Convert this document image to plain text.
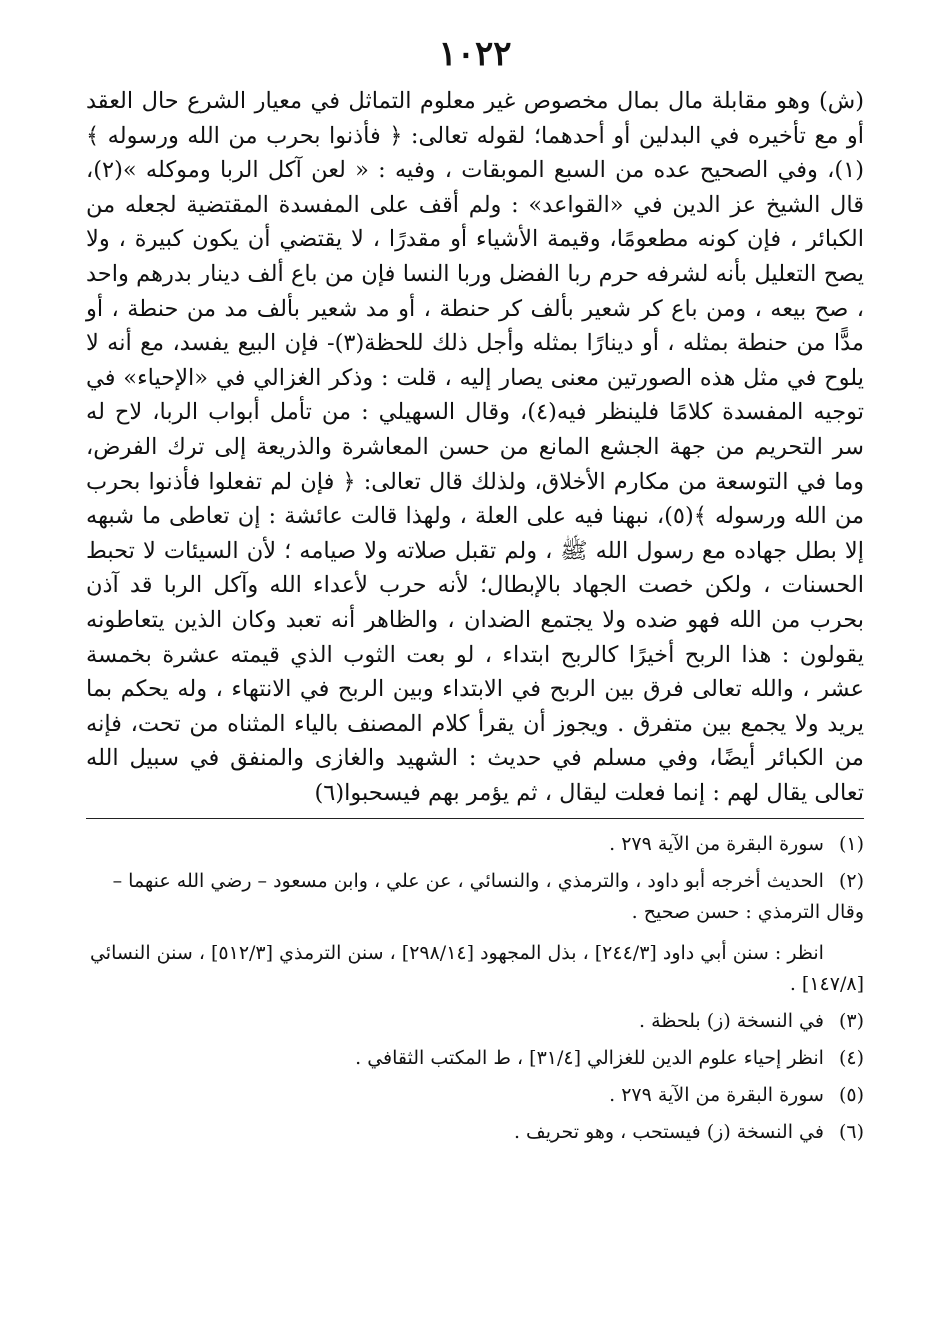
١٠٢٢

(ش) وهو مقابلة مال بمال مخصوص غير معلوم التماثل في معيار الشرع حال العقد أو مع تأخيره في البدلين أو أحدهما؛ لقوله تعالى: ﴿ فأذنوا بحرب من الله ورسوله ﴾(١)، وفي الصحيح عده من السبع الموبقات ، وفيه : « لعن آكل الربا وموكله »(٢)، قال الشيخ عز الدين في «القواعد» : ولم أقف على المفسدة المقتضية لجعله من الكبائر ، فإن كونه مطعومًا، وقيمة الأشياء أو مقدرًا ، لا يقتضي أن يكون كبيرة ، ولا يصح التعليل بأنه لشرفه حرم ربا الفضل وربا النسا فإن من باع ألف دينار بدرهم واحد ، صح بيعه ، ومن باع كر شعير بألف كر حنطة ، أو مد شعير بألف مد من حنطة ، أو مدًّا من حنطة بمثله ، أو دينارًا بمثله وأجل ذلك للحظة(٣)- فإن البيع يفسد، مع أنه لا يلوح في مثل هذه الصورتين معنى يصار إليه ، قلت : وذكر الغزالي في «الإحياء» في توجيه المفسدة كلامًا فلينظر فيه(٤)، وقال السهيلي : من تأمل أبواب الربا، لاح له سر التحريم من جهة الجشع المانع من حسن المعاشرة والذريعة إلى ترك الفرض، وما في التوسعة من مكارم الأخلاق، ولذلك قال تعالى: ﴿ فإن لم تفعلوا فأذنوا بحرب من الله ورسوله ﴾(٥)، نبهنا فيه على العلة ، ولهذا قالت عائشة : إن تعاطى ما شبهه إلا بطل جهاده مع رسول الله ﷺ ، ولم تقبل صلاته ولا صيامه ؛ لأن السيئات لا تحبط الحسنات ، ولكن خصت الجهاد بالإبطال؛ لأنه حرب لأعداء الله وآكل الربا قد آذن بحرب من الله فهو ضده ولا يجتمع الضدان ، والظاهر أنه تعبد وكان الذين يتعاطونه يقولون : هذا الربح أخيرًا كالربح ابتداء ، لو بعت الثوب الذي قيمته عشرة بخمسة عشر ، والله تعالى فرق بين الربح في الابتداء وبين الربح في الانتهاء ، وله يحكم بما يريد ولا يجمع بين متفرق . ويجوز أن يقرأ كلام المصنف بالياء المثناه من تحت، فإنه من الكبائر أيضًا، وفي مسلم في حديث : الشهيد والغازى والمنفق في سبيل الله تعالى يقال لهم : إنما فعلت ليقال ، ثم يؤمر بهم فيسحبوا(٦)

(١) سورة البقرة من الآية ٢٧٩ .
(٢) الحديث أخرجه أبو داود ، والترمذي ، والنسائي ، عن علي ، وابن مسعود – رضي الله عنهما – وقال الترمذي : حسن صحيح .
انظر : سنن أبي داود [٢٤٤/٣] ، بذل المجهود [٢٩٨/١٤] ، سنن الترمذي [٥١٢/٣] ، سنن النسائي [١٤٧/٨] .
(٣) في النسخة (ز) بلحظة .
(٤) انظر إحياء علوم الدين للغزالي [٣١/٤] ، ط المكتب الثقافي .
(٥) سورة البقرة من الآية ٢٧٩ .
(٦) في النسخة (ز) فيستحب ، وهو تحريف .
